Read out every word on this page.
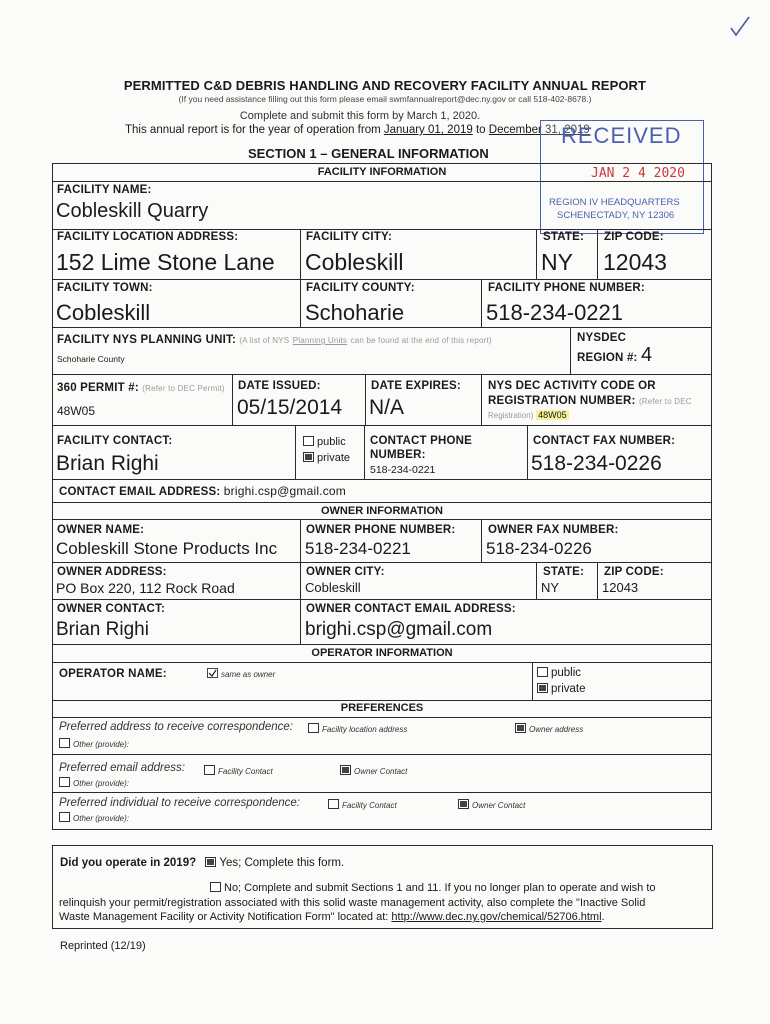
PERMITTED C&D DEBRIS HANDLING AND RECOVERY FACILITY ANNUAL REPORT
(If you need assistance filling out this form please email swmfannualreport@dec.ny.gov or call 518-402-8678.)
Complete and submit this form by March 1, 2020.
This annual report is for the year of operation from January 01, 2019 to December 31, 2019
SECTION 1 – GENERAL INFORMATION
RECEIVED
JAN 2 4 2020
REGION IV HEADQUARTERS
SCHENECTADY, NY 12306
FACILITY INFORMATION
FACILITY NAME:
Cobleskill Quarry
FACILITY LOCATION ADDRESS:
152 Lime Stone Lane
FACILITY CITY:
Cobleskill
STATE:
NY
ZIP CODE:
12043
FACILITY TOWN:
Cobleskill
FACILITY COUNTY:
Schoharie
FACILITY PHONE NUMBER:
518-234-0221
FACILITY NYS PLANNING UNIT: (A list of NYS Planning Units can be found at the end of this report)
Schoharie County
NYSDEC
REGION #: 4
360 PERMIT #: (Refer to DEC Permit)
48W05
DATE ISSUED:
05/15/2014
DATE EXPIRES:
N/A
NYS DEC ACTIVITY CODE OR
REGISTRATION NUMBER: (Refer to DEC
Registration) 48W05
FACILITY CONTACT:
Brian Righi
public
private
CONTACT PHONE
NUMBER:
518-234-0221
CONTACT FAX NUMBER:
518-234-0226
CONTACT EMAIL ADDRESS: brighi.csp@gmail.com
OWNER INFORMATION
OWNER NAME:
Cobleskill Stone Products Inc
OWNER PHONE NUMBER:
518-234-0221
OWNER FAX NUMBER:
518-234-0226
OWNER ADDRESS:
PO Box 220, 112 Rock Road
OWNER CITY:
Cobleskill
STATE:
NY
ZIP CODE:
12043
OWNER CONTACT:
Brian Righi
OWNER CONTACT EMAIL ADDRESS:
brighi.csp@gmail.com
OPERATOR INFORMATION
OPERATOR NAME:	same as owner	public
private
PREFERENCES
Preferred address to receive correspondence:	Facility location address	Owner address
Other (provide):
Preferred email address:	Facility Contact	Owner Contact
Other (provide):
Preferred individual to receive correspondence:	Facility Contact	Owner Contact
Other (provide):
Did you operate in 2019? Yes; Complete this form.
No; Complete and submit Sections 1 and 11. If you no longer plan to operate and wish to
relinquish your permit/registration associated with this solid waste management activity, also complete the "Inactive Solid
Waste Management Facility or Activity Notification Form" located at: http://www.dec.ny.gov/chemical/52706.html.
Reprinted (12/19)
